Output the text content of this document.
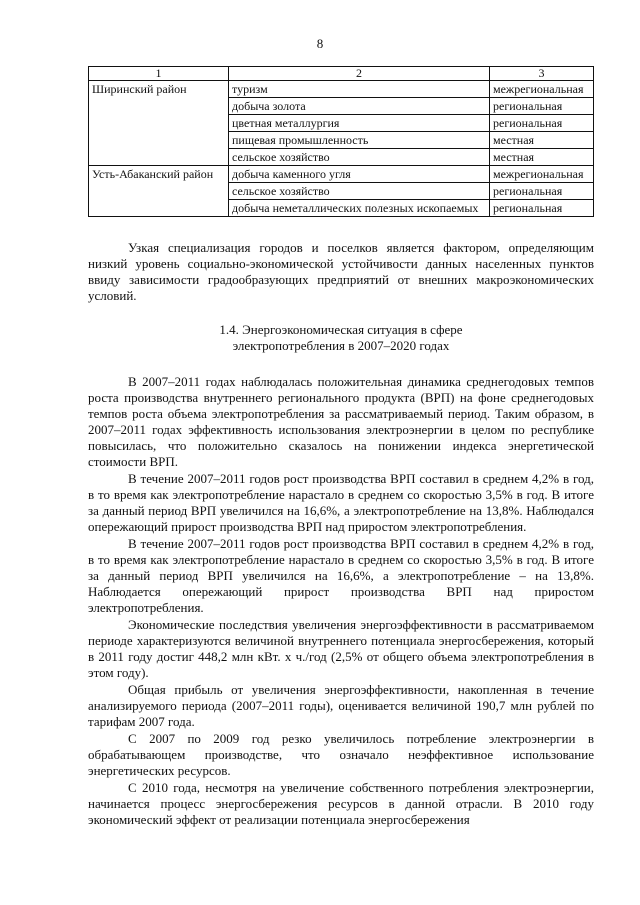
8
1	2	3
Ширинский район	туризм	межрегиональная
	добыча золота	региональная
	цветная металлургия	региональная
	пищевая промышленность	местная
	сельское хозяйство	местная
Усть-Абаканский район	добыча каменного угля	межрегиональная
	сельское хозяйство	региональная
	добыча неметаллических полезных ископаемых	региональная

Узкая специализация городов и поселков является фактором, определяющим низкий уровень социально-экономической устойчивости данных населенных пунктов ввиду зависимости градообразующих предприятий от внешних макроэкономических условий.

1.4. Энергоэкономическая ситуация в сфере
электропотребления в 2007–2020 годах

В 2007–2011 годах наблюдалась положительная динамика среднегодовых темпов роста производства внутреннего регионального продукта (ВРП) на фоне среднегодовых темпов роста объема электропотребления за рассматриваемый период. Таким образом, в 2007–2011 годах эффективность использования электроэнергии в целом по республике повысилась, что положительно сказалось на понижении индекса энергетической стоимости ВРП.

В течение 2007–2011 годов рост производства ВРП составил в среднем 4,2% в год, в то время как электропотребление нарастало в среднем со скоростью 3,5% в год. В итоге за данный период ВРП увеличился на 16,6%, а электропотребление на 13,8%. Наблюдался опережающий прирост производства ВРП над приростом электропотребления.

В течение 2007–2011 годов рост производства ВРП составил в среднем 4,2% в год, в то время как электропотребление нарастало в среднем со скоростью 3,5% в год. В итоге за данный период ВРП увеличился на 16,6%, а электропотребление – на 13,8%. Наблюдается опережающий прирост производства ВРП над приростом электропотребления.

Экономические последствия увеличения энергоэффективности в рассматриваемом периоде характеризуются величиной внутреннего потенциала энергосбережения, который в 2011 году достиг 448,2 млн кВт. х ч./год (2,5% от общего объема электропотребления в этом году).

Общая прибыль от увеличения энергоэффективности, накопленная в течение анализируемого периода (2007–2011 годы), оценивается величиной 190,7 млн рублей по тарифам 2007 года.

С 2007 по 2009 год резко увеличилось потребление электроэнергии в обрабатывающем производстве, что означало неэффективное использование энергетических ресурсов.

С 2010 года, несмотря на увеличение собственного потребления электроэнергии, начинается процесс энергосбережения ресурсов в данной отрасли. В 2010 году экономический эффект от реализации потенциала энергосбережения
